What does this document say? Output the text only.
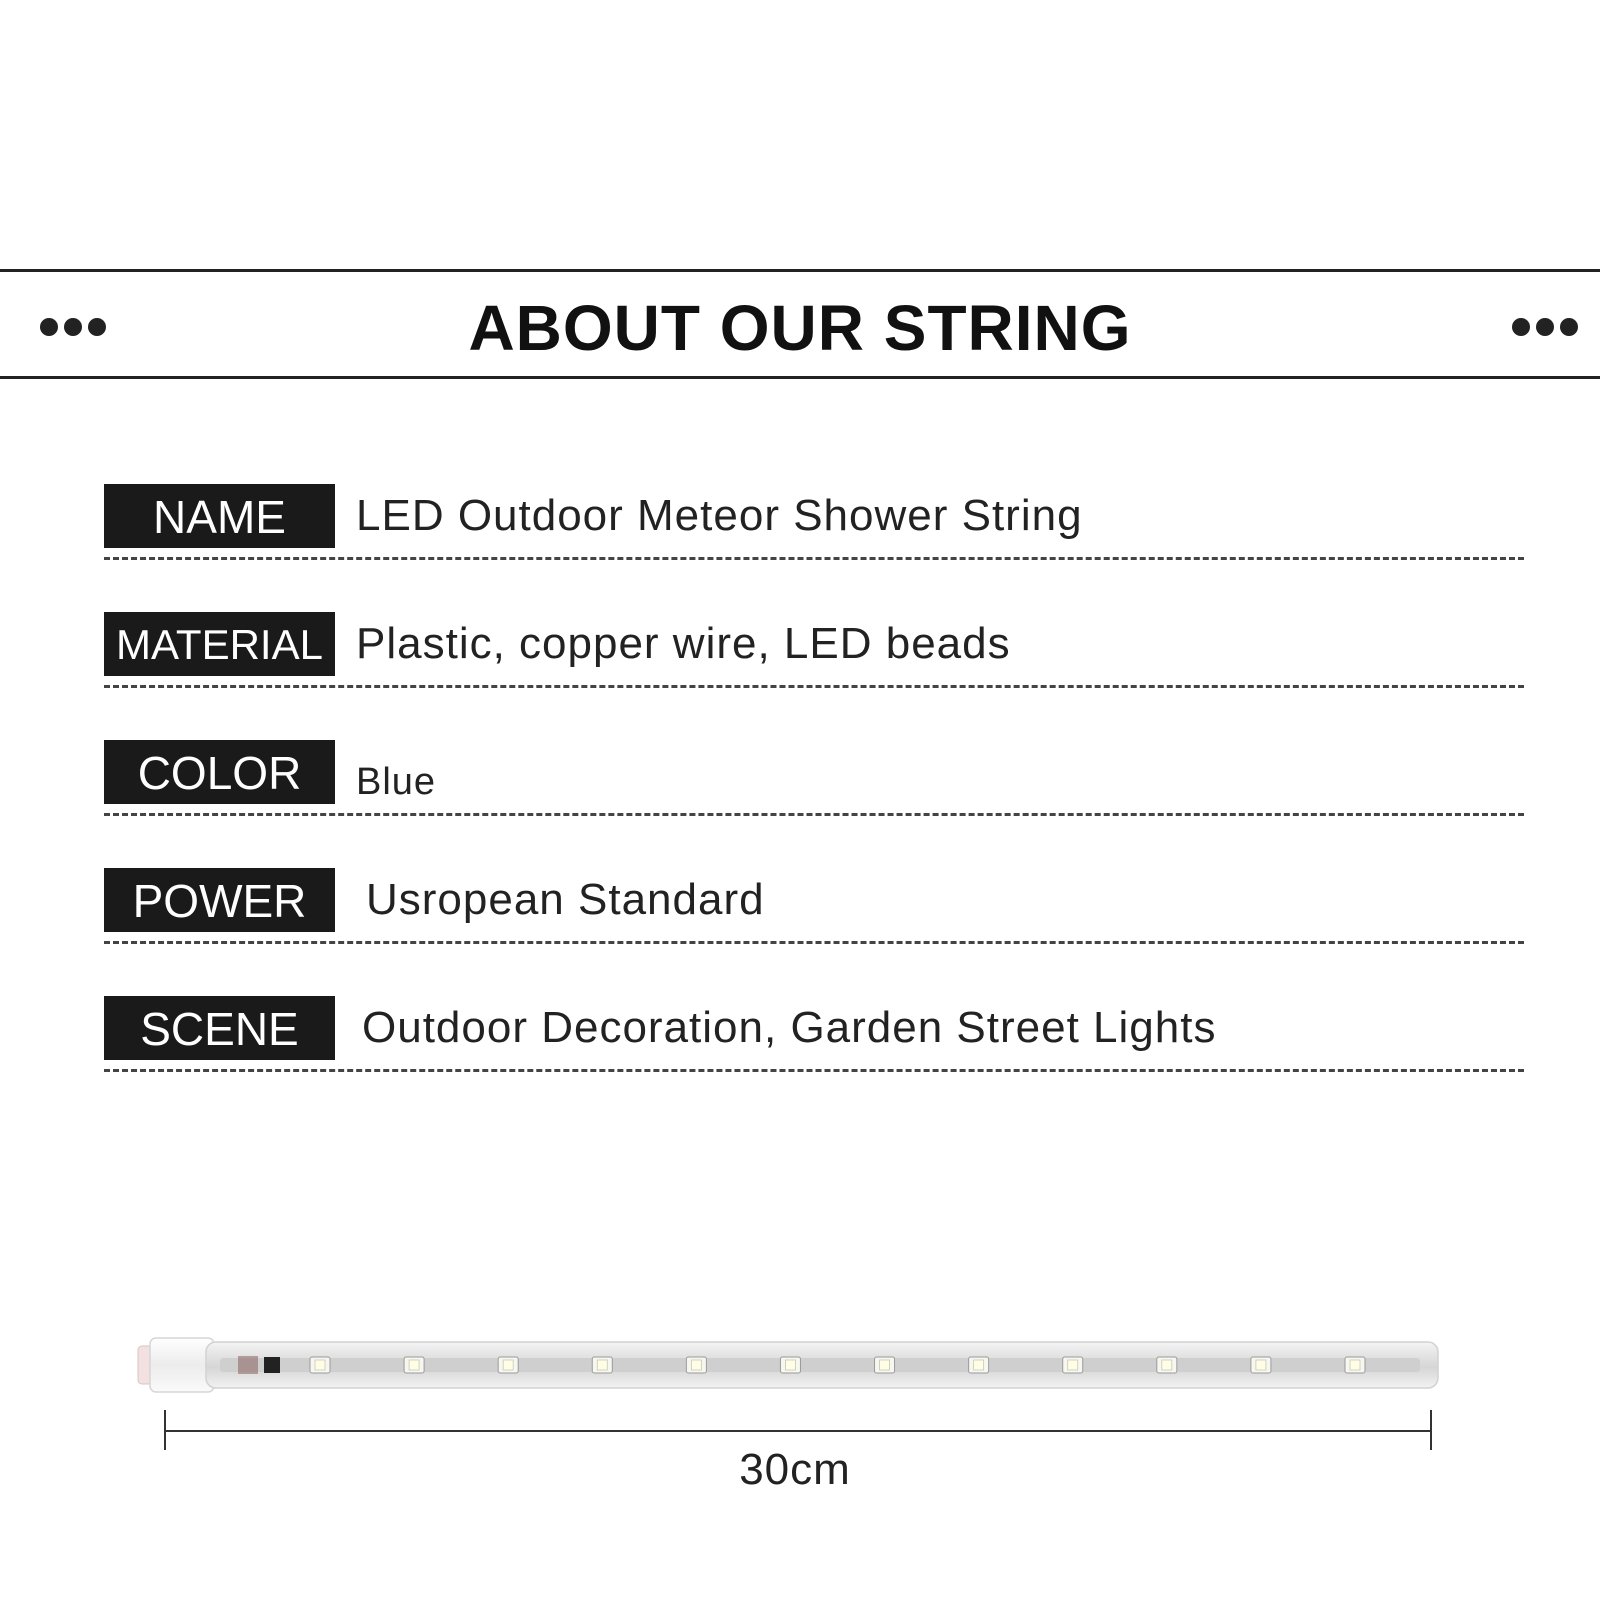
ABOUT OUR STRING
NAME	LED Outdoor Meteor Shower String
MATERIAL Plastic, copper wire, LED beads
COLOR	Blue
POWER	Usropean Standard
SCENE	Outdoor Decoration, Garden Street Lights
30cm
